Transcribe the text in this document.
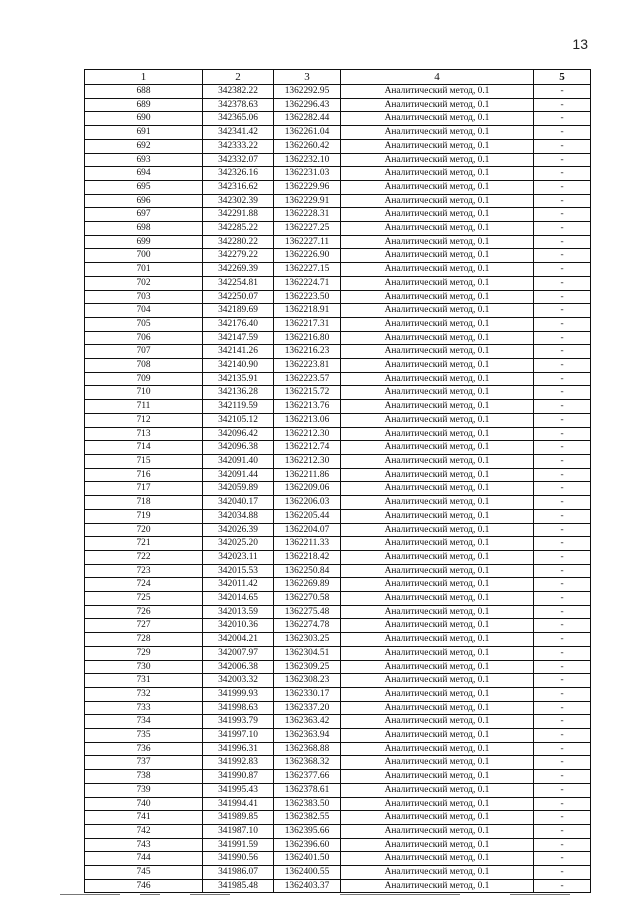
13
1	2	3	4	5
688	342382.22	1362292.95	Аналитический метод, 0.1	-
689	342378.63	1362296.43	Аналитический метод, 0.1	-
690	342365.06	1362282.44	Аналитический метод, 0.1	-
691	342341.42	1362261.04	Аналитический метод, 0.1	-
692	342333.22	1362260.42	Аналитический метод, 0.1	-
693	342332.07	1362232.10	Аналитический метод, 0.1	-
694	342326.16	1362231.03	Аналитический метод, 0.1	-
695	342316.62	1362229.96	Аналитический метод, 0.1	-
696	342302.39	1362229.91	Аналитический метод, 0.1	-
697	342291.88	1362228.31	Аналитический метод, 0.1	-
698	342285.22	1362227.25	Аналитический метод, 0.1	-
699	342280.22	1362227.11	Аналитический метод, 0.1	-
700	342279.22	1362226.90	Аналитический метод, 0.1	-
701	342269.39	1362227.15	Аналитический метод, 0.1	-
702	342254.81	1362224.71	Аналитический метод, 0.1	-
703	342250.07	1362223.50	Аналитический метод, 0.1	-
704	342189.69	1362218.91	Аналитический метод, 0.1	-
705	342176.40	1362217.31	Аналитический метод, 0.1	-
706	342147.59	1362216.80	Аналитический метод, 0.1	-
707	342141.26	1362216.23	Аналитический метод, 0.1	-
708	342140.90	1362223.81	Аналитический метод, 0.1	-
709	342135.91	1362223.57	Аналитический метод, 0.1	-
710	342136.28	1362215.72	Аналитический метод, 0.1	-
711	342119.59	1362213.76	Аналитический метод, 0.1	-
712	342105.12	1362213.06	Аналитический метод, 0.1	-
713	342096.42	1362212.30	Аналитический метод, 0.1	-
714	342096.38	1362212.74	Аналитический метод, 0.1	-
715	342091.40	1362212.30	Аналитический метод, 0.1	-
716	342091.44	1362211.86	Аналитический метод, 0.1	-
717	342059.89	1362209.06	Аналитический метод, 0.1	-
718	342040.17	1362206.03	Аналитический метод, 0.1	-
719	342034.88	1362205.44	Аналитический метод, 0.1	-
720	342026.39	1362204.07	Аналитический метод, 0.1	-
721	342025.20	1362211.33	Аналитический метод, 0.1	-
722	342023.11	1362218.42	Аналитический метод, 0.1	-
723	342015.53	1362250.84	Аналитический метод, 0.1	-
724	342011.42	1362269.89	Аналитический метод, 0.1	-
725	342014.65	1362270.58	Аналитический метод, 0.1	-
726	342013.59	1362275.48	Аналитический метод, 0.1	-
727	342010.36	1362274.78	Аналитический метод, 0.1	-
728	342004.21	1362303.25	Аналитический метод, 0.1	-
729	342007.97	1362304.51	Аналитический метод, 0.1	-
730	342006.38	1362309.25	Аналитический метод, 0.1	-
731	342003.32	1362308.23	Аналитический метод, 0.1	-
732	341999.93	1362330.17	Аналитический метод, 0.1	-
733	341998.63	1362337.20	Аналитический метод, 0.1	-
734	341993.79	1362363.42	Аналитический метод, 0.1	-
735	341997.10	1362363.94	Аналитический метод, 0.1	-
736	341996.31	1362368.88	Аналитический метод, 0.1	-
737	341992.83	1362368.32	Аналитический метод, 0.1	-
738	341990.87	1362377.66	Аналитический метод, 0.1	-
739	341995.43	1362378.61	Аналитический метод, 0.1	-
740	341994.41	1362383.50	Аналитический метод, 0.1	-
741	341989.85	1362382.55	Аналитический метод, 0.1	-
742	341987.10	1362395.66	Аналитический метод, 0.1	-
743	341991.59	1362396.60	Аналитический метод, 0.1	-
744	341990.56	1362401.50	Аналитический метод, 0.1	-
745	341986.07	1362400.55	Аналитический метод, 0.1	-
746	341985.48	1362403.37	Аналитический метод, 0.1	-
